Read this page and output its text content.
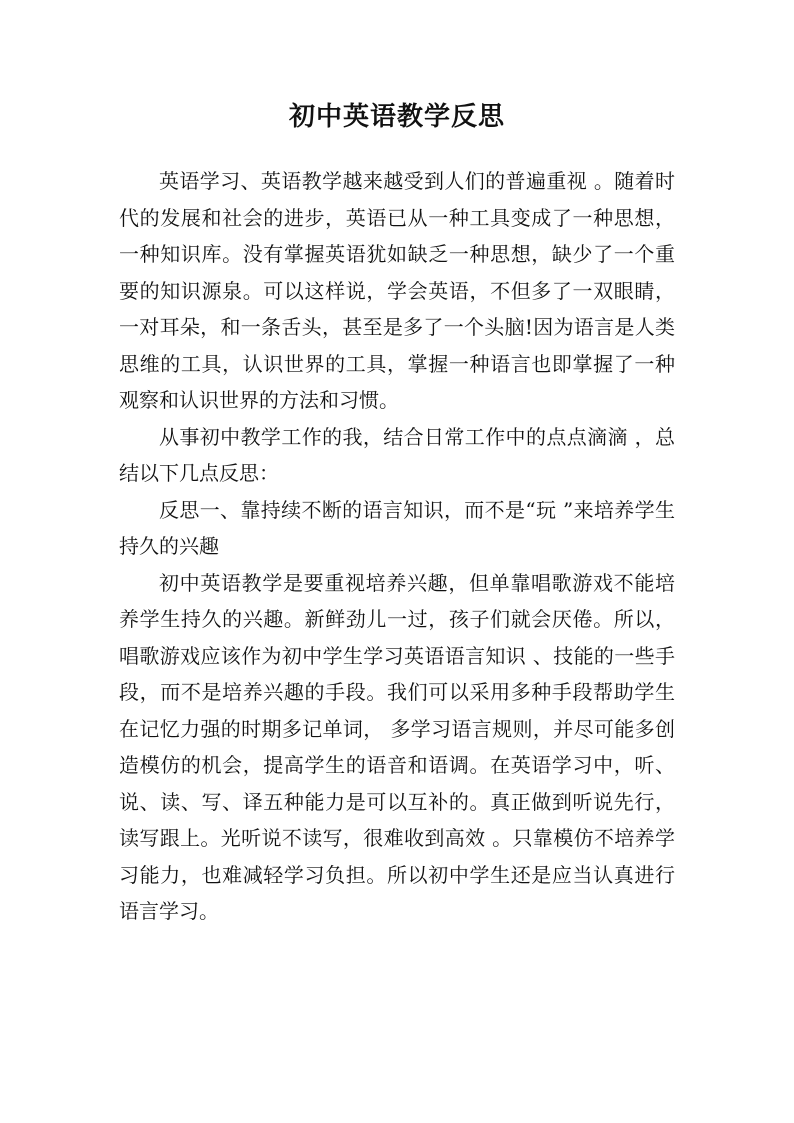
初中英语教学反思

英语学习、英语教学越来越受到人们的普遍重视 。随着时代的发展和社会的进步，英语已从一种工具变成了一种思想，一种知识库。没有掌握英语犹如缺乏一种思想，缺少了一个重要的知识源泉。可以这样说，学会英语，不但多了一双眼睛，一对耳朵，和一条舌头，甚至是多了一个头脑!因为语言是人类思维的工具，认识世界的工具，掌握一种语言也即掌握了一种观察和认识世界的方法和习惯。

从事初中教学工作的我，结合日常工作中的点点滴滴 ，总结以下几点反思：

反思一、靠持续不断的语言知识，而不是“玩 ”来培养学生持久的兴趣

初中英语教学是要重视培养兴趣，但单靠唱歌游戏不能培养学生持久的兴趣。新鲜劲儿一过，孩子们就会厌倦。所以，唱歌游戏应该作为初中学生学习英语语言知识 、技能的一些手段，而不是培养兴趣的手段。我们可以采用多种手段帮助学生在记忆力强的时期多记单词， 多学习语言规则，并尽可能多创造模仿的机会，提高学生的语音和语调。在英语学习中，听、说、读、写、译五种能力是可以互补的。真正做到听说先行，读写跟上。光听说不读写，很难收到高效 。只靠模仿不培养学习能力，也难减轻学习负担。所以初中学生还是应当认真进行语言学习。
